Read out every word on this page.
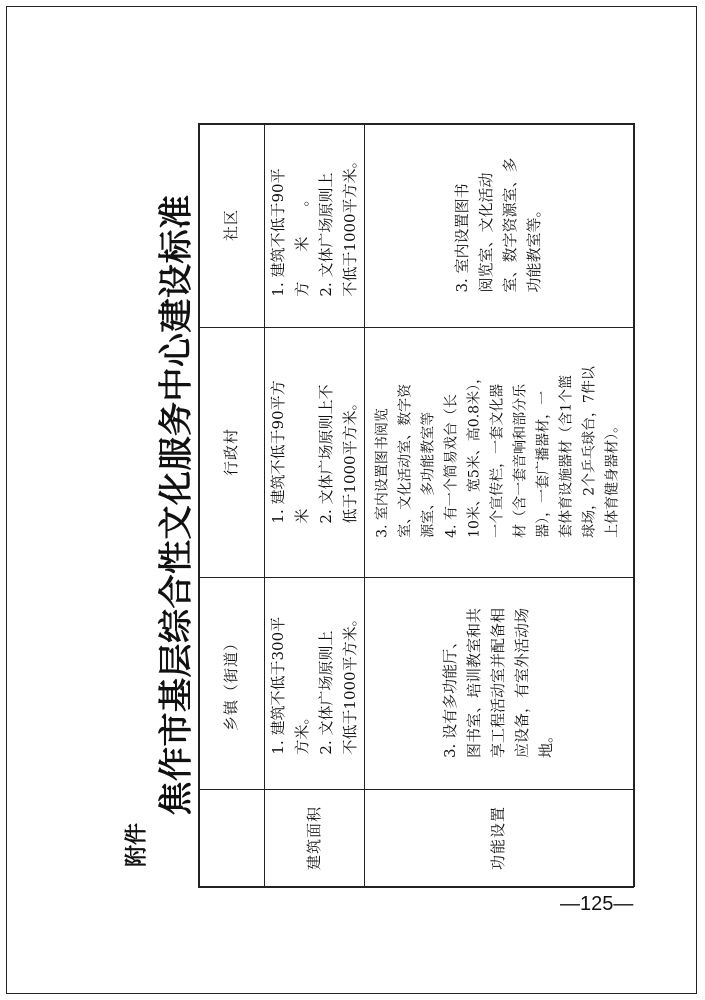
附件
焦作市基层综合性文化服务中心建设标准 乡镇（街道）
行政村
社区
建筑面积	功能设置

1. 建筑不低于300平 方米。 2. 文体广场原则上 不低于1000平方米。

1. 建筑不低于90平方 米 2. 文体广场原则上不 低于1000平方米。

1. 建筑不低于90平 方　　米　　。 2. 文体广场原则上 不低于1000平方米。

3. 设有多功能厅、 图书室、培训教室和共 享工程活动室并配备相 应设备，有室外活动场 地。

3. 室内设置图书阅览 室、文化活动室、数字资 源室、多功能教室等 4. 有一个简易戏台（长 10米、宽5米、高0.8米）， 一个宣传栏，一套文化器 材（含一套音响和部分乐 器），一套广播器材，一 套体育设施器材（含1个篮 球场，2个乒乓球台，7件以 上体育健身器材）。

3. 室内设置图书 阅览室、文化活动 室、数字资源室、多 功能教室等。

—125—
